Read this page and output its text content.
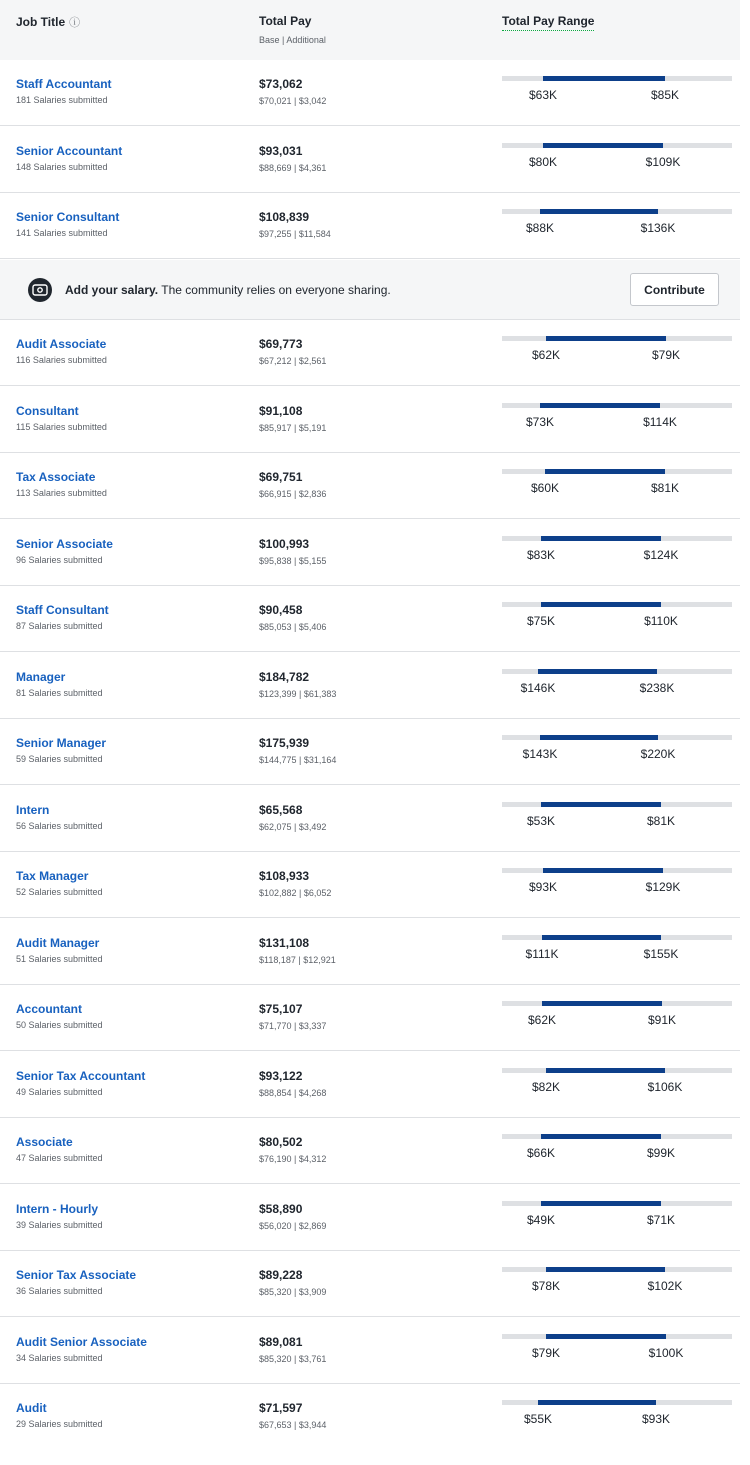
Job Title ⓘ	Total Pay
Base | Additional
Total Pay Range
Staff Accountant
181 Salaries submitted
$73,062
$70,021 | $3,042	$63K	$85K
Senior Accountant
148 Salaries submitted
$93,031
$88,669 | $4,361	$80K	$109K
Senior Consultant
141 Salaries submitted
$108,839
$97,255 | $11,584	$88K	$136K
Audit Associate
116 Salaries submitted
$69,773
$67,212 | $2,561	$62K	$79K
Consultant
115 Salaries submitted
$91,108
$85,917 | $5,191	$73K	$114K
Tax Associate
113 Salaries submitted
$69,751
$66,915 | $2,836	$60K	$81K
Senior Associate
96 Salaries submitted
$100,993
$95,838 | $5,155	$83K	$124K
Staff Consultant
87 Salaries submitted
$90,458
$85,053 | $5,406	$75K	$110K
Manager
81 Salaries submitted
$184,782
$123,399 | $61,383	$146K	$238K
Senior Manager
59 Salaries submitted
$175,939
$144,775 | $31,164	$143K	$220K
Intern
56 Salaries submitted
$65,568
$62,075 | $3,492	$53K	$81K
Tax Manager
52 Salaries submitted
$108,933
$102,882 | $6,052	$93K	$129K
Audit Manager
51 Salaries submitted
$131,108
$118,187 | $12,921	$111K	$155K
Accountant
50 Salaries submitted
$75,107
$71,770 | $3,337	$62K	$91K
Senior Tax Accountant
49 Salaries submitted
$93,122
$88,854 | $4,268	$82K	$106K
Associate
47 Salaries submitted
$80,502
$76,190 | $4,312	$66K	$99K
Intern - Hourly
39 Salaries submitted
$58,890
$56,020 | $2,869	$49K	$71K
Senior Tax Associate
36 Salaries submitted
$89,228
$85,320 | $3,909	$78K	$102K
Audit Senior Associate
34 Salaries submitted
$89,081
$85,320 | $3,761	$79K	$100K
Audit
29 Salaries submitted
$71,597
$67,653 | $3,944	$55K	$93K
Add your salary. The community relies on everyone sharing.	Contribute
